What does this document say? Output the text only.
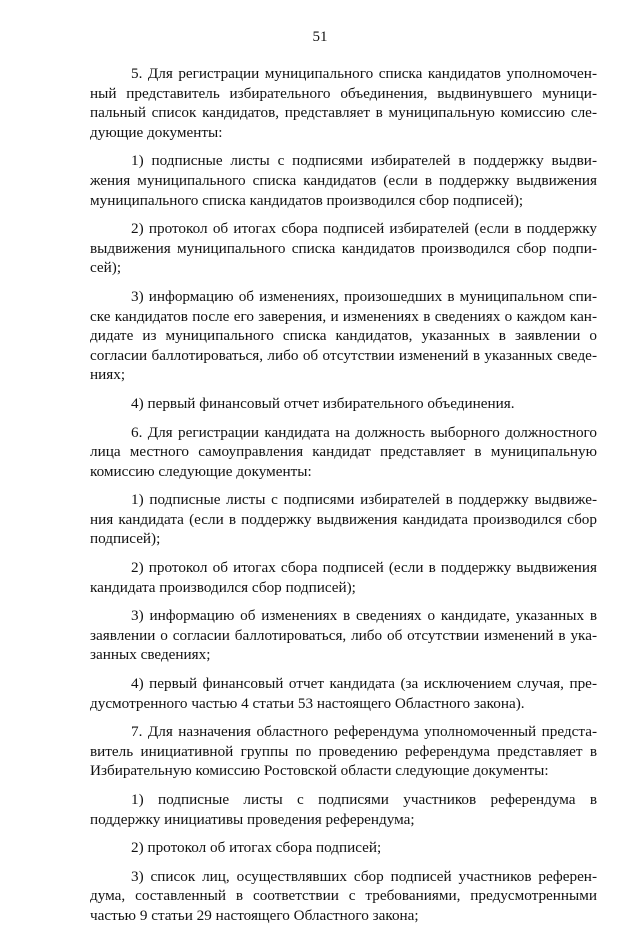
51

5. Для регистрации муниципального списка кандидатов уполномоченный представитель избирательного объединения, выдвинувшего муниципальный список кандидатов, представляет в муниципальную комиссию следующие документы:

1) подписные листы с подписями избирателей в поддержку выдвижения муниципального списка кандидатов (если в поддержку выдвижения муниципального списка кандидатов производился сбор подписей);

2) протокол об итогах сбора подписей избирателей (если в поддержку выдвижения муниципального списка кандидатов производился сбор подписей);

3) информацию об изменениях, произошедших в муниципальном списке кандидатов после его заверения, и изменениях в сведениях о каждом кандидате из муниципального списка кандидатов, указанных в заявлении о согласии баллотироваться, либо об отсутствии изменений в указанных сведениях;

4) первый финансовый отчет избирательного объединения.

6. Для регистрации кандидата на должность выборного должностного лица местного самоуправления кандидат представляет в муниципальную комиссию следующие документы:

1) подписные листы с подписями избирателей в поддержку выдвижения кандидата (если в поддержку выдвижения кандидата производился сбор подписей);

2) протокол об итогах сбора подписей (если в поддержку выдвижения кандидата производился сбор подписей);

3) информацию об изменениях в сведениях о кандидате, указанных в заявлении о согласии баллотироваться, либо об отсутствии изменений в указанных сведениях;

4) первый финансовый отчет кандидата (за исключением случая, предусмотренного частью 4 статьи 53 настоящего Областного закона).

7. Для назначения областного референдума уполномоченный представитель инициативной группы по проведению референдума представляет в Избирательную комиссию Ростовской области следующие документы:

1) подписные листы с подписями участников референдума в поддержку инициативы проведения референдума;

2) протокол об итогах сбора подписей;

3) список лиц, осуществлявших сбор подписей участников референдума, составленный в соответствии с требованиями, предусмотренными частью 9 статьи 29 настоящего Областного закона;
